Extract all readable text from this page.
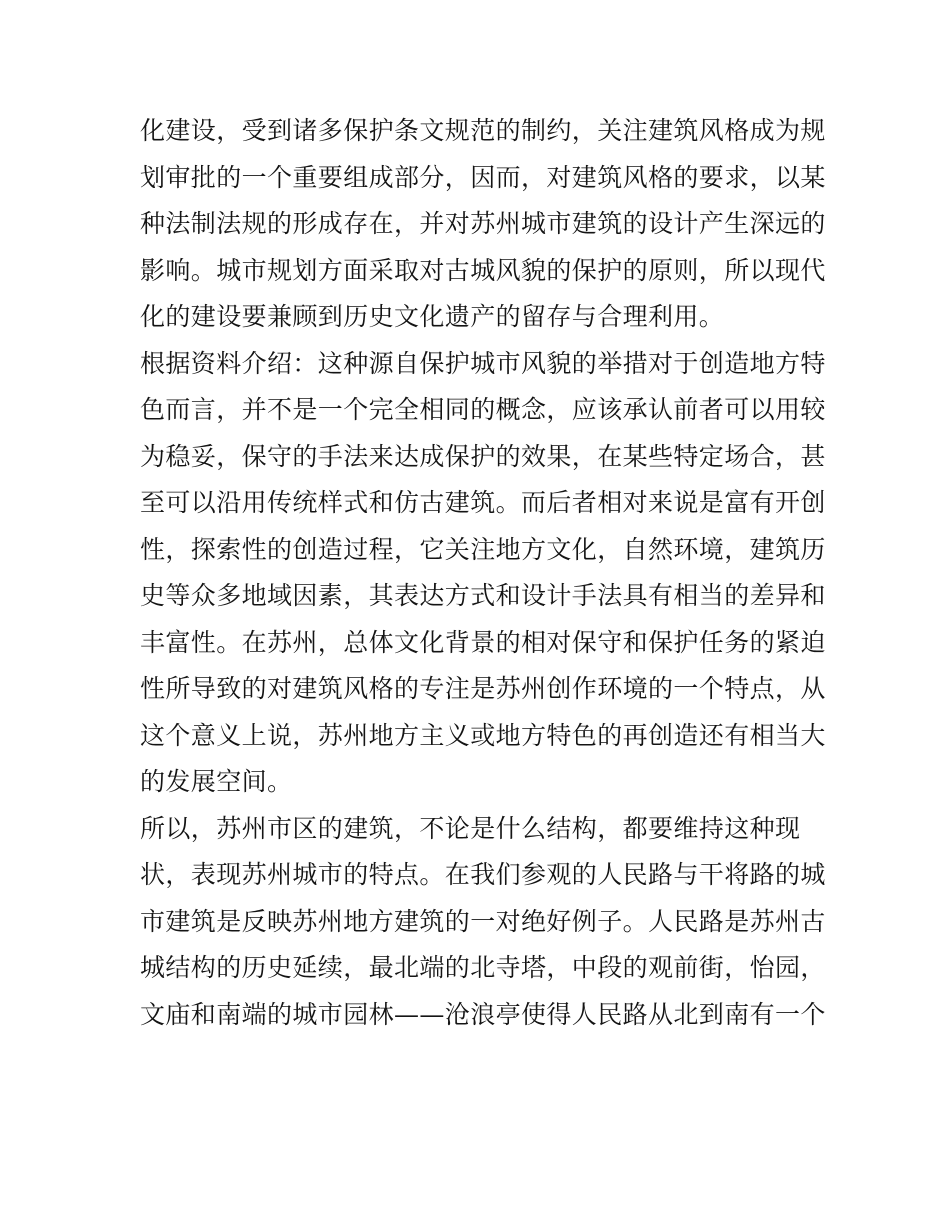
化建设，受到诸多保护条文规范的制约，关注建筑风格成为规
划审批的一个重要组成部分，因而，对建筑风格的要求，以某
种法制法规的形成存在，并对苏州城市建筑的设计产生深远的
影响。城市规划方面采取对古城风貌的保护的原则，所以现代
化的建设要兼顾到历史文化遗产的留存与合理利用。
根据资料介绍：这种源自保护城市风貌的举措对于创造地方特
色而言，并不是一个完全相同的概念，应该承认前者可以用较
为稳妥，保守的手法来达成保护的效果，在某些特定场合，甚
至可以沿用传统样式和仿古建筑。而后者相对来说是富有开创
性，探索性的创造过程，它关注地方文化，自然环境，建筑历
史等众多地域因素，其表达方式和设计手法具有相当的差异和
丰富性。在苏州，总体文化背景的相对保守和保护任务的紧迫
性所导致的对建筑风格的专注是苏州创作环境的一个特点，从
这个意义上说，苏州地方主义或地方特色的再创造还有相当大
的发展空间。
所以，苏州市区的建筑，不论是什么结构，都要维持这种现
状，表现苏州城市的特点。在我们参观的人民路与干将路的城
市建筑是反映苏州地方建筑的一对绝好例子。人民路是苏州古
城结构的历史延续，最北端的北寺塔，中段的观前街，怡园，
文庙和南端的城市园林——沧浪亭使得人民路从北到南有一个
